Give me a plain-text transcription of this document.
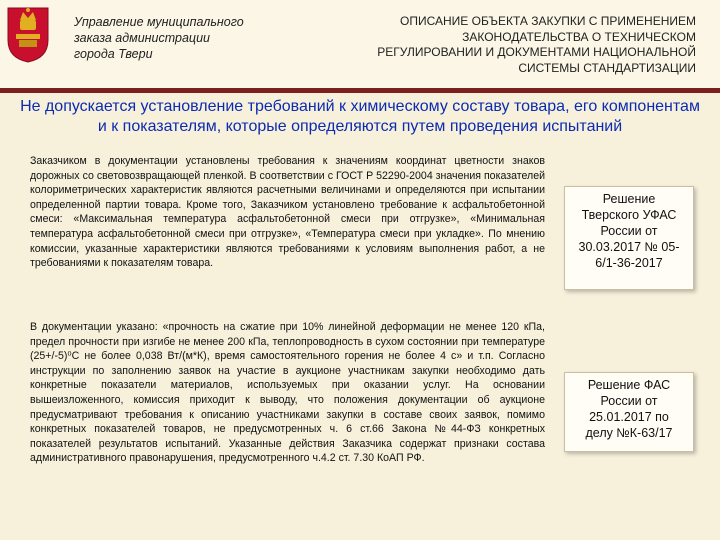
Управление муниципального
заказа администрации
города Твери
ОПИСАНИЕ ОБЪЕКТА ЗАКУПКИ С ПРИМЕНЕНИЕМ
ЗАКОНОДАТЕЛЬСТВА О ТЕХНИЧЕСКОМ
РЕГУЛИРОВАНИИ И ДОКУМЕНТАМИ НАЦИОНАЛЬНОЙ
СИСТЕМЫ СТАНДАРТИЗАЦИИ
Не допускается установление требований к химическому составу товара, его компонентам и к показателям, которые определяются путем проведения испытаний
Заказчиком в документации установлены требования к значениям координат цветности знаков дорожных со световозвращающей пленкой. В соответствии с ГОСТ Р 52290-2004 значения показателей колориметрических характеристик являются расчетными величинами и определяются при испытании определенной партии товара. Кроме того, Заказчиком установлено требование к асфальтобетонной смеси: «Максимальная температура асфальтобетонной смеси при отгрузке», «Минимальная температура асфальтобетонной смеси при отгрузке», «Температура смеси при укладке». По мнению комиссии, указанные характеристики являются требованиями к условиям выполнения работ, а не требованиями к показателям товара.
В документации указано: «прочность на сжатие при 10% линейной деформации не менее 120 кПа, предел прочности при изгибе не менее 200 кПа, теплопроводность в сухом состоянии при температуре (25+/-5)⁰С не более 0,038 Вт/(м*К), время самостоятельного горения не более 4 с» и т.п. Согласно инструкции по заполнению заявок на участие в аукционе участникам закупки необходимо дать конкретные показатели материалов, используемых при оказании услуг. На основании вышеизложенного, комиссия приходит к выводу, что положения документации об аукционе предусматривают требования к описанию участниками закупки в составе своих заявок, помимо конкретных показателей товаров, не предусмотренных ч. 6 ст.66 Закона №44-ФЗ конкретных показателей результатов испытаний. Указанные действия Заказчика содержат признаки состава административного правонарушения, предусмотренного ч.4.2 ст. 7.30 КоАП РФ.
Решение
Тверского УФАС
России от
30.03.2017 № 05-
6/1-36-2017
Решение ФАС
России от
25.01.2017 по
делу №К-63/17
